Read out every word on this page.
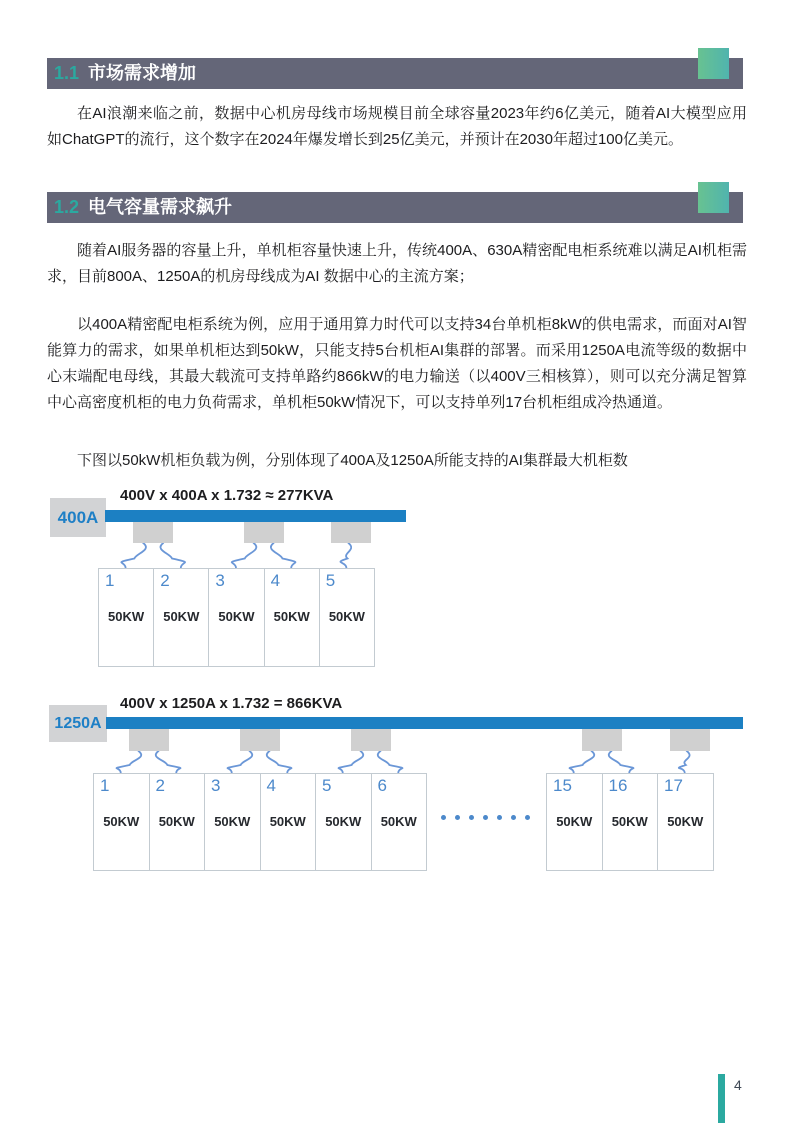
1.1 市场需求增加

在AI浪潮来临之前，数据中心机房母线市场规模目前全球容量2023年约6亿美元，随着AI大模型应用如ChatGPT的流行，这个数字在2024年爆发增长到25亿美元，并预计在2030年超过100亿美元。

1.2 电气容量需求飙升

随着AI服务器的容量上升，单机柜容量快速上升，传统400A、630A精密配电柜系统难以满足AI机柜需求，目前800A、1250A的机房母线成为AI 数据中心的主流方案；

以400A精密配电柜系统为例，应用于通用算力时代可以支持34台单机柜8kW的供电需求，而面对AI智能算力的需求，如果单机柜达到50kW，只能支持5台机柜AI集群的部署。而采用1250A电流等级的数据中心末端配电母线，其最大载流可支持单路约866kW的电力输送（以400V三相核算），则可以充分满足智算中心高密度机柜的电力负荷需求，单机柜50kW情况下，可以支持单列17台机柜组成冷热通道。

下图以50kW机柜负载为例，分别体现了400A及1250A所能支持的AI集群最大机柜数

400V x 400A x 1.732 ≈ 277KVA
400A
1
50KW
2
50KW
3
50KW
4
50KW
5
50KW
400V x 1250A x 1.732 = 866KVA
1250A
1
50KW
2
50KW
3
50KW
4
50KW
5
50KW
6
50KW
15
50KW
16
50KW
17
50KW
4
